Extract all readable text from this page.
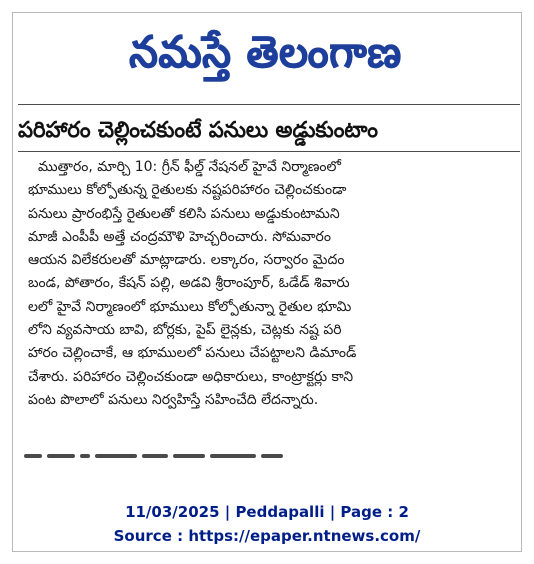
నమస్తే తెలంగాణ
పరిహారం చెల్లించకుంటే పనులు అడ్డుకుంటాం
ముత్తారం, మార్చి 10: గ్రీన్ ఫీల్డ్ నేషనల్ హైవే నిర్మాణంలో
భూములు కోల్పోతున్న రైతులకు నష్టపరిహారం చెల్లించకుండా
పనులు ప్రారంభిస్తే రైతులతో కలిసి పనులు అడ్డుకుంటామని
మాజీ ఎంపీపీ అత్తే చంద్రమౌళి హెచ్చరించారు. సోమవారం
ఆయన విలేకరులతో మాట్లాడారు. లక్కారం, సర్వారం మైదం
బండ, పోతారం, కేషన్ పల్లి, అడవి శ్రీరాంపూర్, ఓడేడ్ శివారు
లలో హైవే నిర్మాణంలో భూములు కోల్పోతున్నా రైతుల భూమి
లోని వ్యవసాయ బావి, బోర్లకు, పైప్ లైన్లకు, చెట్లకు నష్ట పరి
హారం చెల్లించాకే, ఆ భూములలో పనులు చేపట్టాలని డిమాండ్
చేశారు. పరిహారం చెల్లించకుండా అధికారులు, కాంట్రాక్టర్లు కాని
పంట పొలాలో పనులు నిర్వహిస్తే సహించేది లేదన్నారు.
11/03/2025 | Peddapalli | Page : 2
Source : https://epaper.ntnews.com/
